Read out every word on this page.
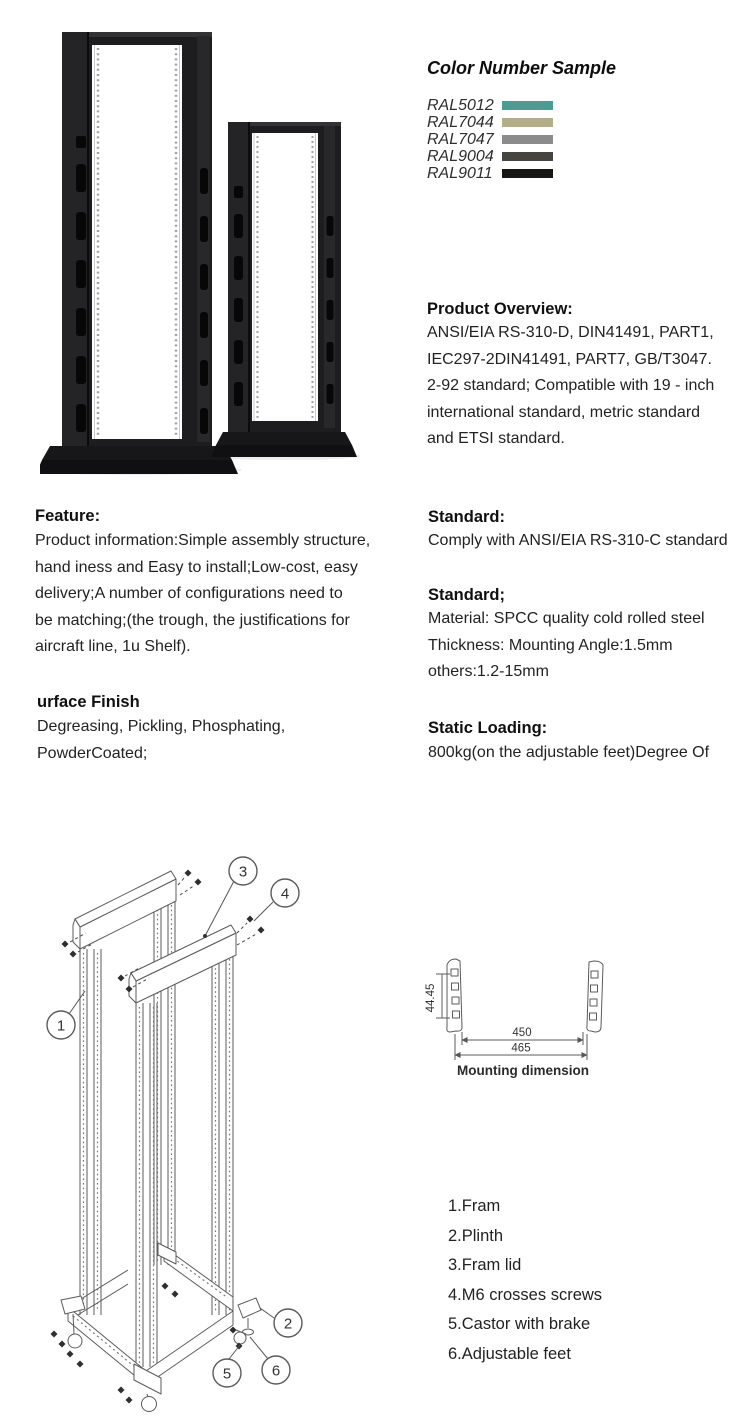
Color Number Sample
RAL5012
RAL7044
RAL7047
RAL9004
RAL9011
Product Overview:
ANSI/EIA RS-310-D, DIN41491, PART1,
IEC297-2DIN41491, PART7, GB/T3047.
2-92 standard; Compatible with 19 - inch
international standard, metric standard
and ETSI standard.
Feature:
Product information:Simple assembly structure,
hand iness and Easy to install;Low-cost, easy
delivery;A number of configurations need to
be matching;(the trough, the justifications for
aircraft line, 1u Shelf).
Standard:
Comply with ANSI/EIA RS-310-C standard
Standard;
Material: SPCC quality cold rolled steel
Thickness: Mounting Angle:1.5mm
others:1.2-15mm
urface Finish
Degreasing, Pickling, Phosphating,
PowderCoated;
Static Loading:
800kg(on the adjustable feet)Degree Of
1
2
3
4
5	6
44.45
450
465
Mounting dimension
1.Fram
2.Plinth
3.Fram lid
4.M6 crosses screws
5.Castor with brake
6.Adjustable feet
